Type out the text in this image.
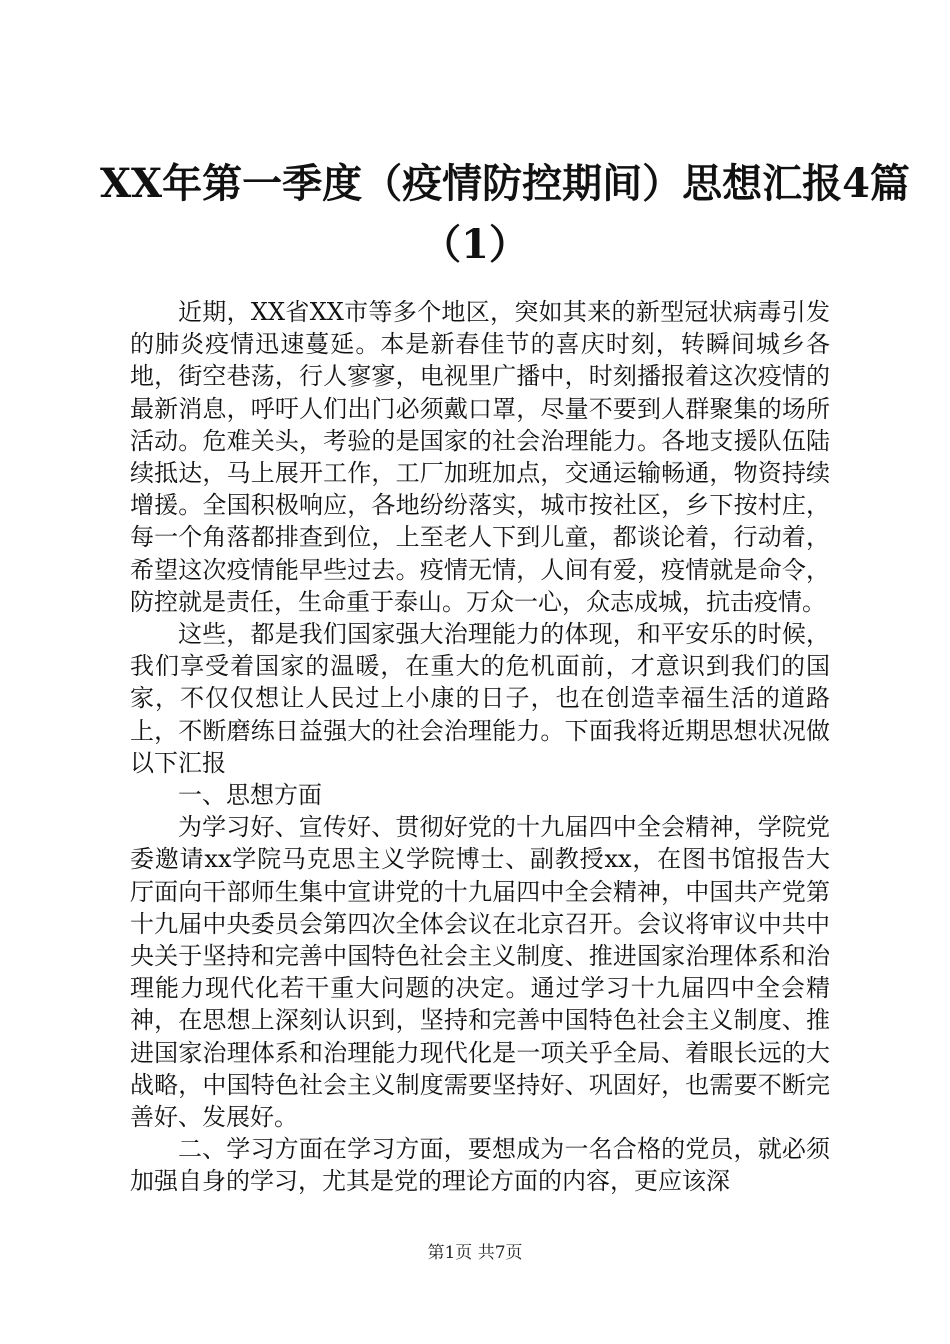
XX年第一季度（疫情防控期间）思想汇报4篇
（1）

近期，XX省XX市等多个地区，突如其来的新型冠状病毒引发的肺炎疫情迅速蔓延。本是新春佳节的喜庆时刻，转瞬间城乡各地，街空巷荡，行人寥寥，电视里广播中，时刻播报着这次疫情的最新消息，呼吁人们出门必须戴口罩，尽量不要到人群聚集的场所活动。危难关头，考验的是国家的社会治理能力。各地支援队伍陆续抵达，马上展开工作，工厂加班加点，交通运输畅通，物资持续增援。全国积极响应，各地纷纷落实，城市按社区，乡下按村庄，每一个角落都排查到位，上至老人下到儿童，都谈论着，行动着，希望这次疫情能早些过去。疫情无情，人间有爱，疫情就是命令，防控就是责任，生命重于泰山。万众一心，众志成城，抗击疫情。

这些，都是我们国家强大治理能力的体现，和平安乐的时候，我们享受着国家的温暖，在重大的危机面前，才意识到我们的国家，不仅仅想让人民过上小康的日子，也在创造幸福生活的道路上，不断磨练日益强大的社会治理能力。下面我将近期思想状况做以下汇报

一、思想方面

为学习好、宣传好、贯彻好党的十九届四中全会精神，学院党委邀请xx学院马克思主义学院博士、副教授xx，在图书馆报告大厅面向干部师生集中宣讲党的十九届四中全会精神，中国共产党第十九届中央委员会第四次全体会议在北京召开。会议将审议中共中央关于坚持和完善中国特色社会主义制度、推进国家治理体系和治理能力现代化若干重大问题的决定。通过学习十九届四中全会精神，在思想上深刻认识到，坚持和完善中国特色社会主义制度、推进国家治理体系和治理能力现代化是一项关乎全局、着眼长远的大战略，中国特色社会主义制度需要坚持好、巩固好，也需要不断完善好、发展好。

二、学习方面在学习方面，要想成为一名合格的党员，就必须加强自身的学习，尤其是党的理论方面的内容，更应该深

第1页 共7页
